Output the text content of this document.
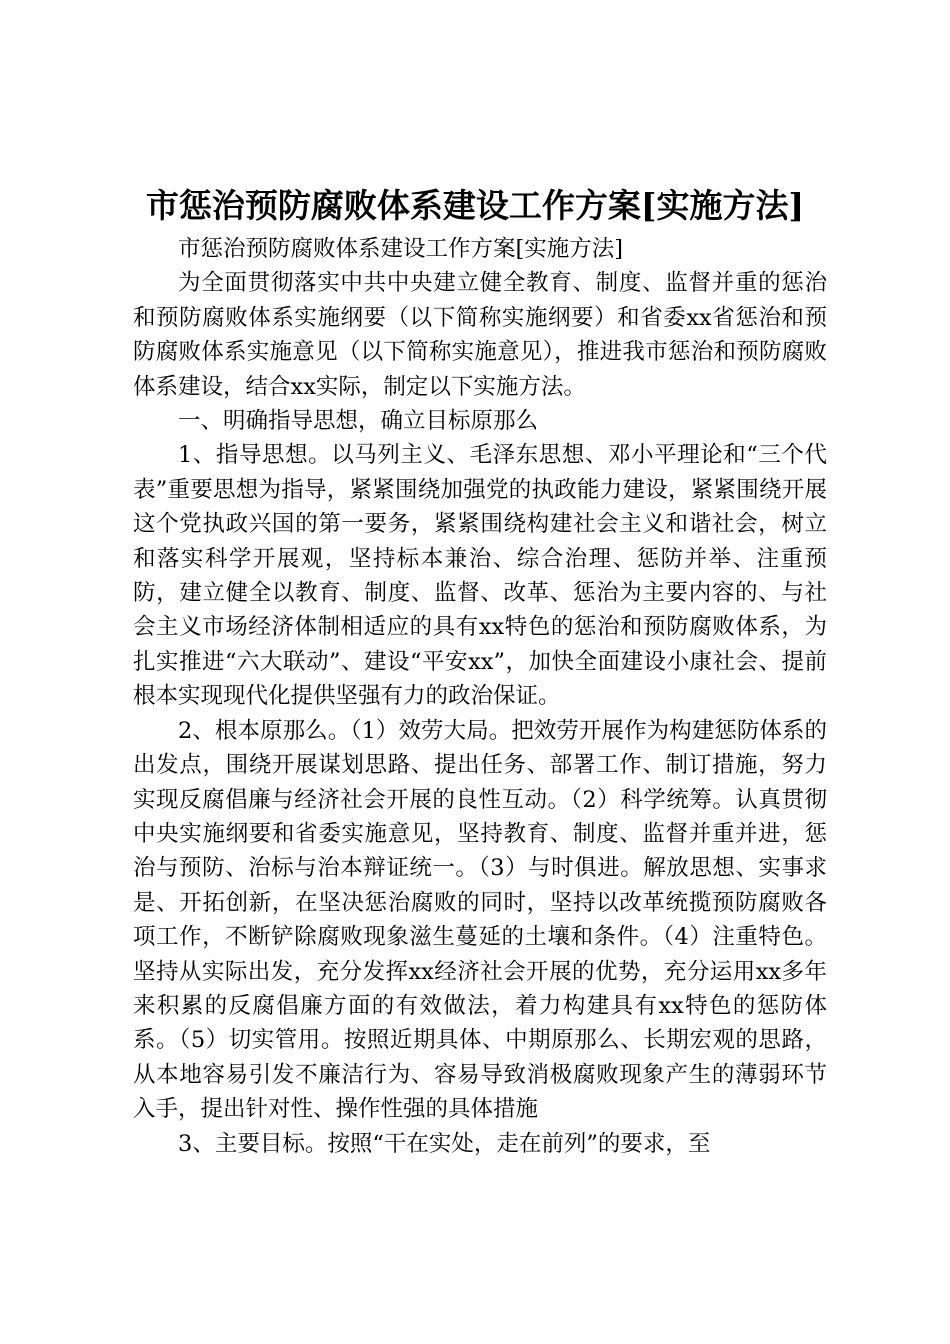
市惩治预防腐败体系建设工作方案[实施方法]

市惩治预防腐败体系建设工作方案[实施方法]

为全面贯彻落实中共中央建立健全教育、制度、监督并重的惩治和预防腐败体系实施纲要（以下简称实施纲要）和省委xx省惩治和预防腐败体系实施意见（以下简称实施意见），推进我市惩治和预防腐败体系建设，结合xx实际，制定以下实施方法。

一、明确指导思想，确立目标原那么

1、指导思想。以马列主义、毛泽东思想、邓小平理论和“三个代表”重要思想为指导，紧紧围绕加强党的执政能力建设，紧紧围绕开展这个党执政兴国的第一要务，紧紧围绕构建社会主义和谐社会，树立和落实科学开展观，坚持标本兼治、综合治理、惩防并举、注重预防，建立健全以教育、制度、监督、改革、惩治为主要内容的、与社会主义市场经济体制相适应的具有xx特色的惩治和预防腐败体系，为扎实推进“六大联动”、建设“平安xx”，加快全面建设小康社会、提前根本实现现代化提供坚强有力的政治保证。

2、根本原那么。（1）效劳大局。把效劳开展作为构建惩防体系的出发点，围绕开展谋划思路、提出任务、部署工作、制订措施，努力实现反腐倡廉与经济社会开展的良性互动。（2）科学统筹。认真贯彻中央实施纲要和省委实施意见，坚持教育、制度、监督并重并进，惩治与预防、治标与治本辩证统一。（3）与时俱进。解放思想、实事求是、开拓创新，在坚决惩治腐败的同时，坚持以改革统揽预防腐败各项工作，不断铲除腐败现象滋生蔓延的土壤和条件。（4）注重特色。坚持从实际出发，充分发挥xx经济社会开展的优势，充分运用xx多年来积累的反腐倡廉方面的有效做法，着力构建具有xx特色的惩防体系。（5）切实管用。按照近期具体、中期原那么、长期宏观的思路，从本地容易引发不廉洁行为、容易导致消极腐败现象产生的薄弱环节入手，提出针对性、操作性强的具体措施

3、主要目标。按照“干在实处，走在前列”的要求，至
